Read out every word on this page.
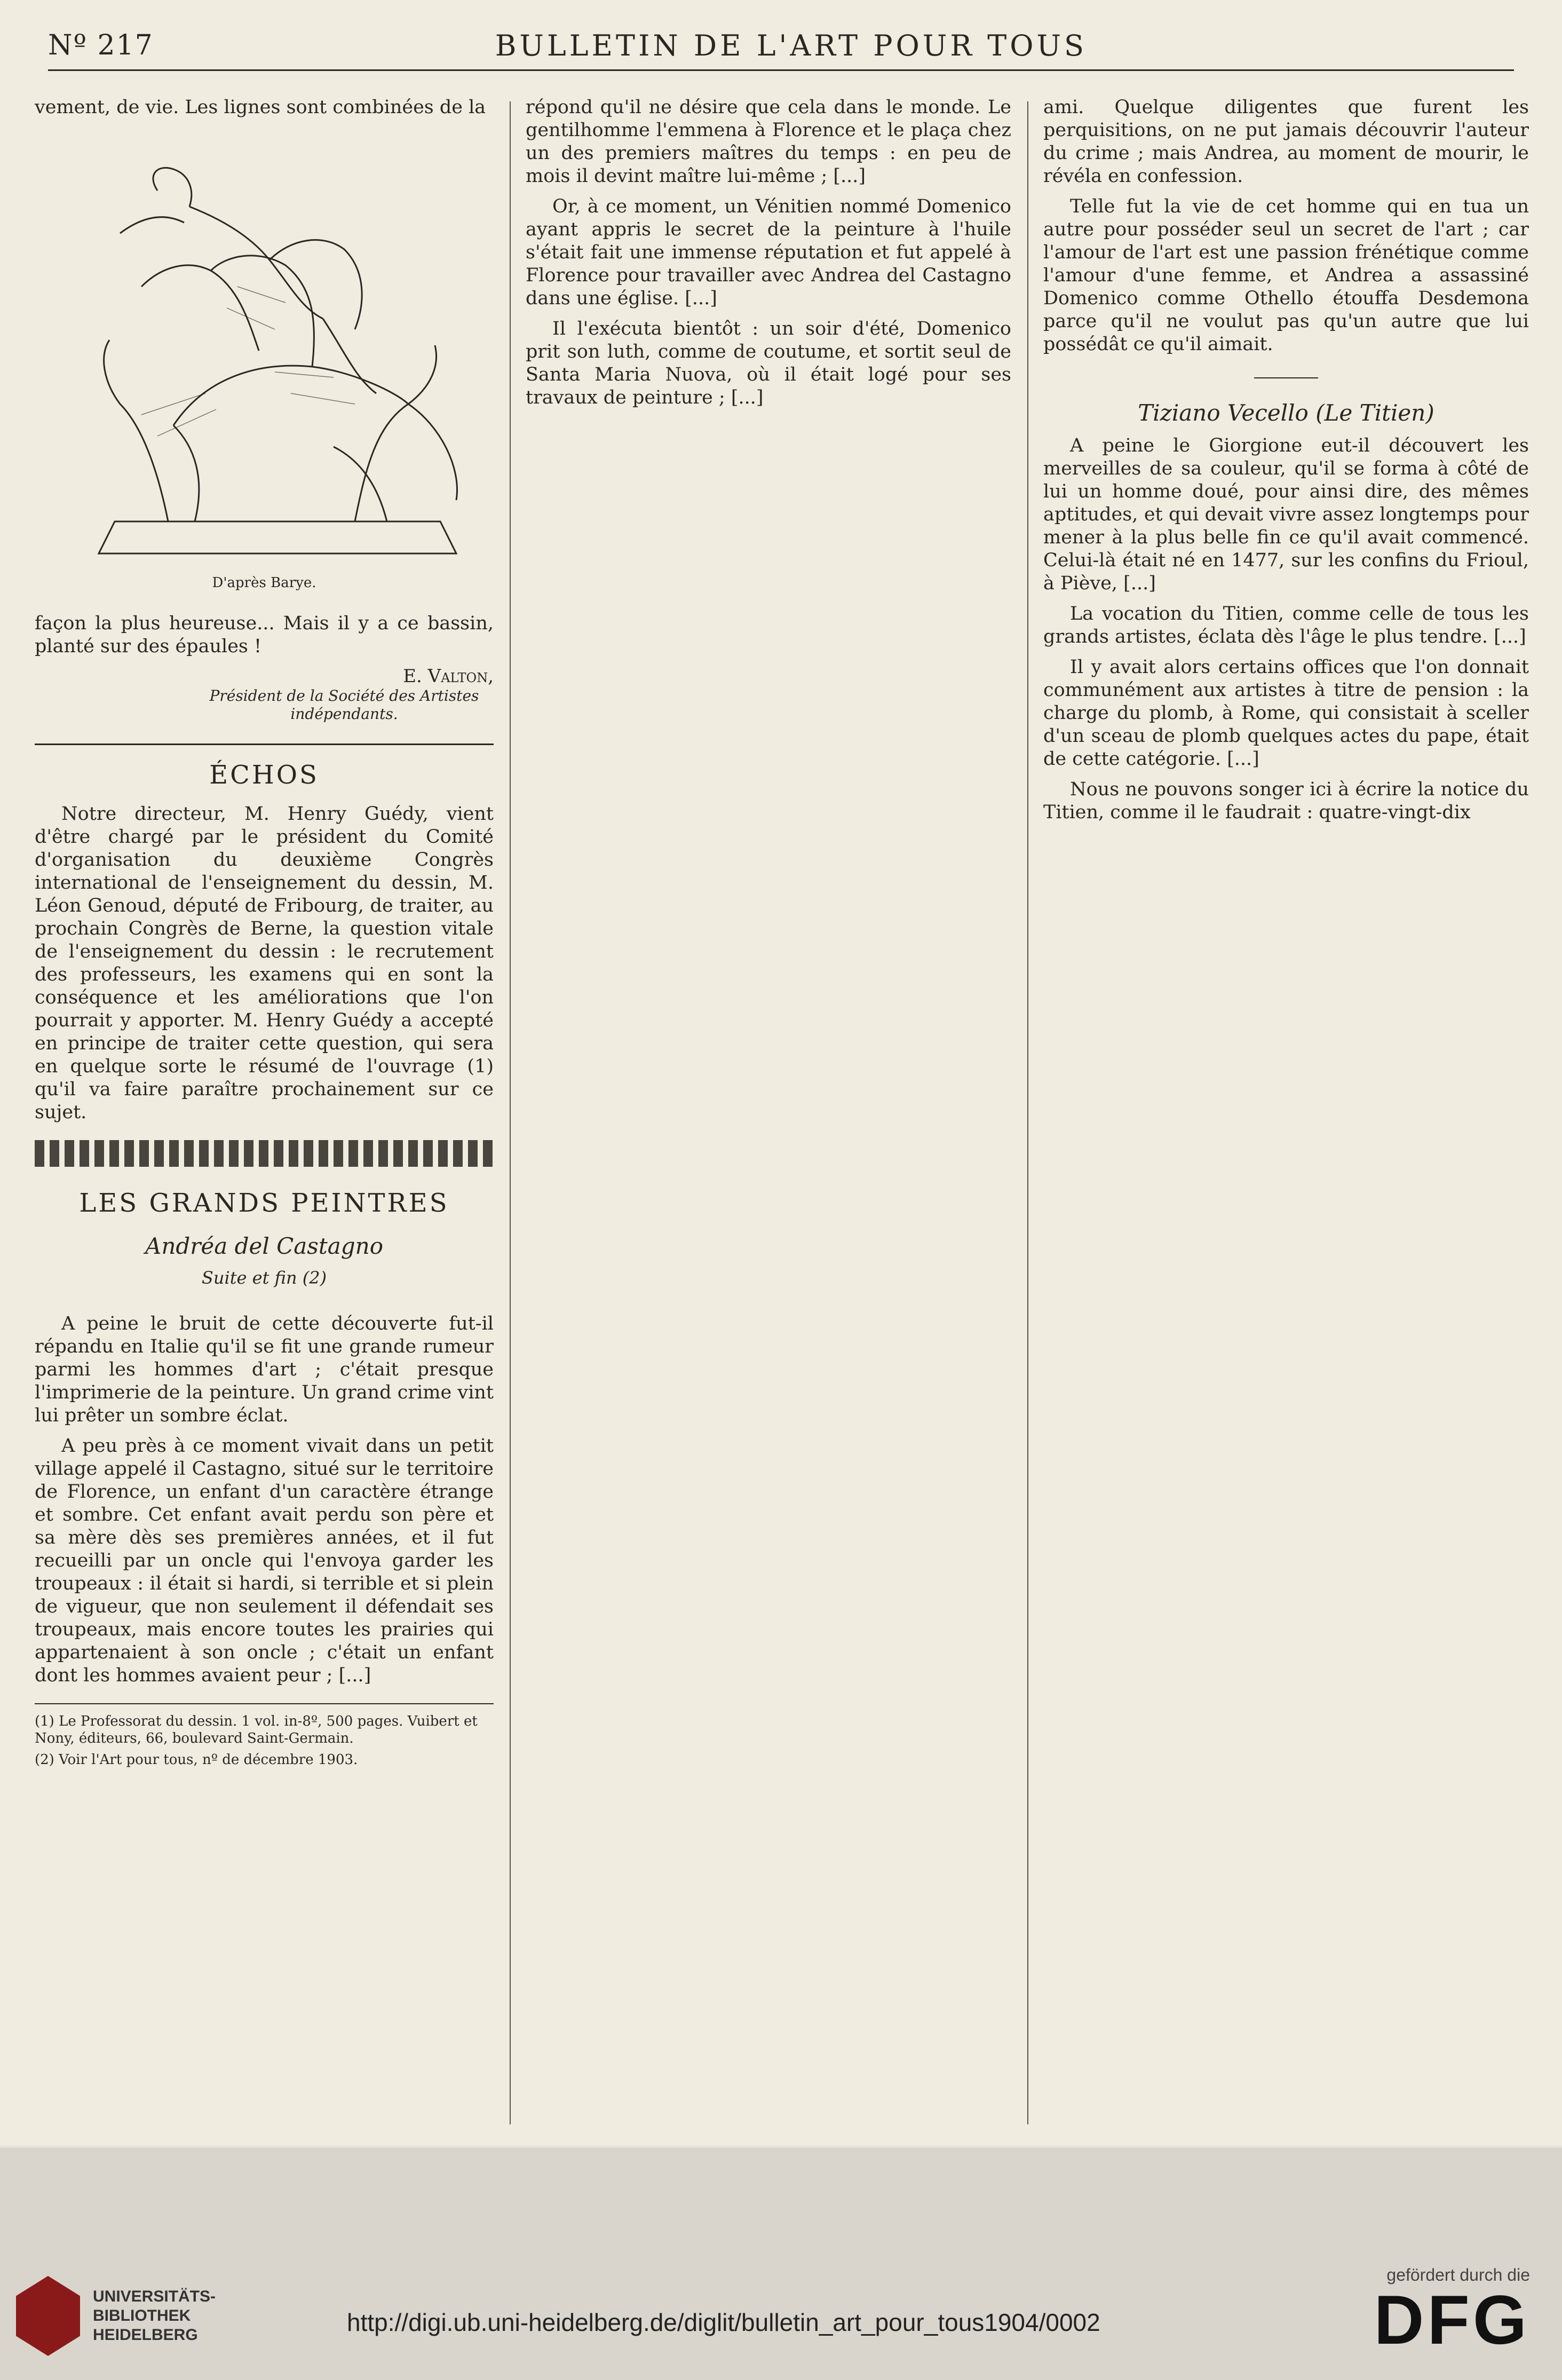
Nº 217	BULLETIN DE L'ART POUR TOUS

vement, de vie. Les lignes sont combinées de la

D'après Barye.

façon la plus heureuse... Mais il y a ce bassin, planté sur des épaules !

E. Valton,
Président de la Société des Artistes indépendants.
ÉCHOS

Notre directeur, M. Henry Guédy, vient d'être chargé par le président du Comité d'organisation du deuxième Congrès international de l'enseignement du dessin, M. Léon Genoud, député de Fribourg, de traiter, au prochain Congrès de Berne, la question vitale de l'enseignement du dessin : le recrutement des professeurs, les examens qui en sont la conséquence et les améliorations que l'on pourrait y apporter. M. Henry Guédy a accepté en principe de traiter cette question, qui sera en quelque sorte le résumé de l'ouvrage (1) qu'il va faire paraître prochainement sur ce sujet.

LES GRANDS PEINTRES
Andréa del Castagno
Suite et fin (2)

A peine le bruit de cette découverte fut-il répandu en Italie qu'il se fit une grande rumeur parmi les hommes d'art ; c'était presque l'imprimerie de la peinture. Un grand crime vint lui prêter un sombre éclat.

A peu près à ce moment vivait dans un petit village appelé il Castagno, situé sur le territoire de Florence, un enfant d'un caractère étrange et sombre. Cet enfant avait perdu son père et sa mère dès ses premières années, et il fut recueilli par un oncle qui l'envoya garder les troupeaux : il était si hardi, si terrible et si plein de vigueur, que non seulement il défendait ses troupeaux, mais encore toutes les prairies qui appartenaient à son oncle ; c'était un enfant dont les hommes avaient peur ; [...]

(1) Le Professorat du dessin. 1 vol. in-8º, 500 pages. Vuibert et Nony, éditeurs, 66, boulevard Saint-Germain.

(2) Voir l'Art pour tous, nº de décembre 1903.

répond qu'il ne désire que cela dans le monde. Le gentilhomme l'emmena à Florence et le plaça chez un des premiers maîtres du temps : en peu de mois il devint maître lui-même ; [...]

Or, à ce moment, un Vénitien nommé Domenico ayant appris le secret de la peinture à l'huile s'était fait une immense réputation et fut appelé à Florence pour travailler avec Andrea del Castagno dans une église. [...]

Il l'exécuta bientôt : un soir d'été, Domenico prit son luth, comme de coutume, et sortit seul de Santa Maria Nuova, où il était logé pour ses travaux de peinture ; [...]

ami. Quelque diligentes que furent les perquisitions, on ne put jamais découvrir l'auteur du crime ; mais Andrea, au moment de mourir, le révéla en confession.

Telle fut la vie de cet homme qui en tua un autre pour posséder seul un secret de l'art ; car l'amour de l'art est une passion frénétique comme l'amour d'une femme, et Andrea a assassiné Domenico comme Othello étouffa Desdemona parce qu'il ne voulut pas qu'un autre que lui possédât ce qu'il aimait.

Tiziano Vecello (Le Titien)

A peine le Giorgione eut-il découvert les merveilles de sa couleur, qu'il se forma à côté de lui un homme doué, pour ainsi dire, des mêmes aptitudes, et qui devait vivre assez longtemps pour mener à la plus belle fin ce qu'il avait commencé. Celui-là était né en 1477, sur les confins du Frioul, à Piève, [...]

La vocation du Titien, comme celle de tous les grands artistes, éclata dès l'âge le plus tendre. [...]

Il y avait alors certains offices que l'on donnait communément aux artistes à titre de pension : la charge du plomb, à Rome, qui consistait à sceller d'un sceau de plomb quelques actes du pape, était de cette catégorie. [...]

Nous ne pouvons songer ici à écrire la notice du Titien, comme il le faudrait : quatre-vingt-dix

UNIVERSITÄTS-
BIBLIOTHEK
HEIDELBERG	http://digi.ub.uni-heidelberg.de/diglit/bulletin_art_pour_tous1904/0002
gefördert durch die
DFG
